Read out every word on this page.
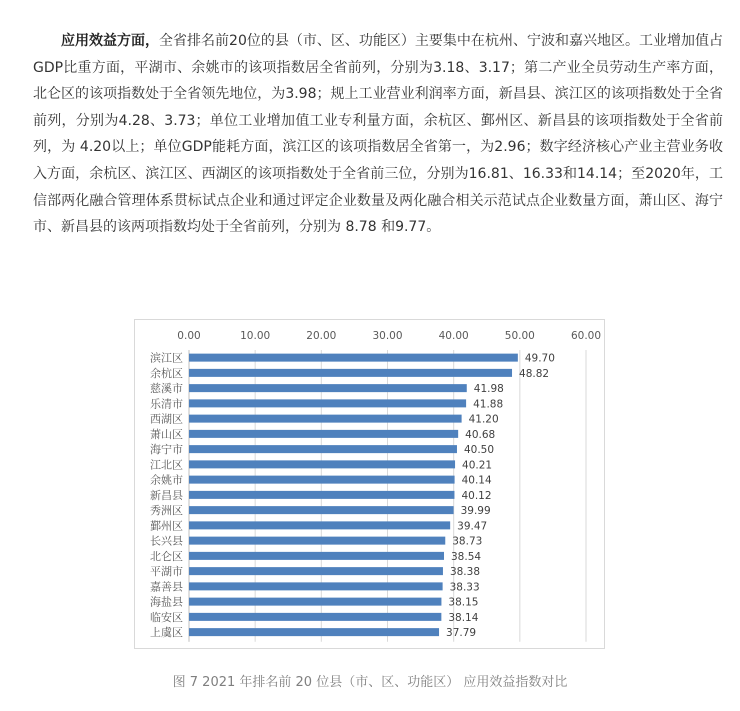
应用效益方面，全省排名前20位的县（市、区、功能区）主要集中在杭州、宁波和嘉兴地区。工业增加值占GDP比重方面，平湖市、余姚市的该项指数居全省前列，分别为3.18、3.17；第二产业全员劳动生产率方面，北仑区的该项指数处于全省领先地位，为3.98；规上工业营业利润率方面，新昌县、滨江区的该项指数处于全省前列，分别为4.28、3.73；单位工业增加值工业专利量方面，余杭区、鄞州区、新昌县的该项指数处于全省前列，为 4.20以上；单位GDP能耗方面，滨江区的该项指数居全省第一，为2.96；数字经济核心产业主营业务收入方面，余杭区、滨江区、西湖区的该项指数处于全省前三位，分别为16.81、16.33和14.14；至2020年，工信部两化融合管理体系贯标试点企业和通过评定企业数量及两化融合相关示范试点企业数量方面，萧山区、海宁市、新昌县的该两项指数均处于全省前列，分别为 8.78 和9.77。

0.00	10.00	20.00	30.00	40.00	50.00	60.00
滨江区	49.70
余杭区	48.82
慈溪市	41.98
乐清市	41.88
西湖区	41.20
萧山区	40.68
海宁市	40.50
江北区	40.21
余姚市	40.14
新昌县	40.12
秀洲区	39.99
鄞州区	39.47
长兴县	38.73
北仑区	38.54
平湖市	38.38
嘉善县	38.33
海盐县	38.15
临安区	38.14
上虞区	37.79
图 7 2021 年排名前 20 位县（市、区、功能区） 应用效益指数对比
